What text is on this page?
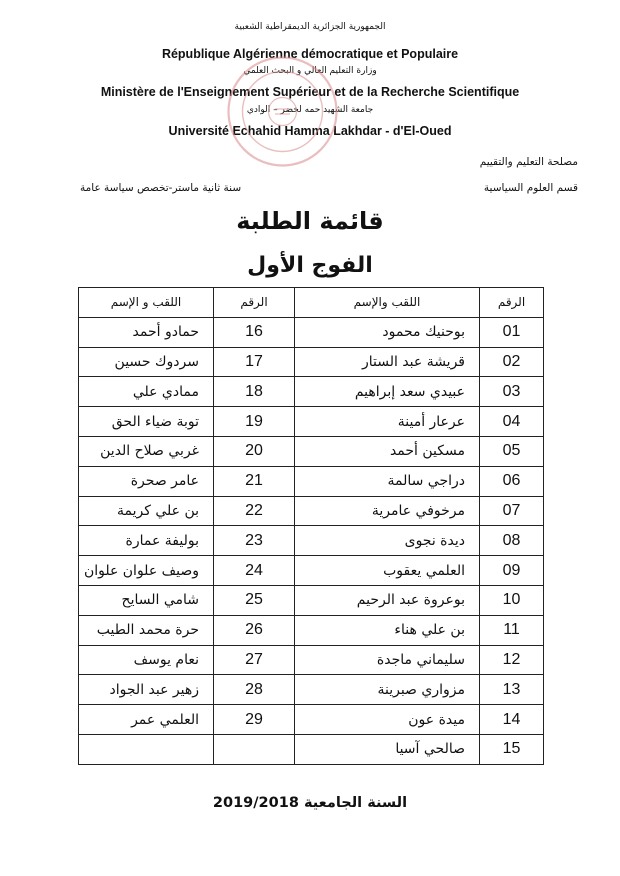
الجمهورية الجزائرية الديمقراطية الشعبية
République Algérienne démocratique et Populaire
وزارة التعليم العالي و البحث العلمي
Ministère de l'Enseignement Supérieur et de la Recherche Scientifique
جامعة الشهيد حمه لخضر – الوادي
Université Echahid Hamma Lakhdar - d'El-Oued
مصلحة التعليم والتقييم
قسم العلوم السياسية
سنة ثانية ماستر-تخصص سياسة عامة
قائمة الطلبة
الفوج الأول
الرقم	اللقب والإسم	الرقم	اللقب و الإسم
01	بوحنيك محمود	16	حمادو أحمد
02	قريشة عبد الستار	17	سردوك حسين
03	عبيدي سعد إبراهيم	18	ممادي علي
04	عرعار أمينة	19	توبة ضياء الحق
05	مسكين أحمد	20	غربي صلاح الدين
06	دراجي سالمة	21	عامر صحرة
07	مرخوفي عامرية	22	بن علي كريمة
08	ديدة نجوى	23	بوليفة عمارة
09	العلمي يعقوب	24	وصيف علوان علوان
10	بوعروة عبد الرحيم	25	شامي السايح
11	بن علي هناء	26	حرة محمد الطيب
12	سليماني ماجدة	27	نعام يوسف
13	مزواري صبرينة	28	زهير عبد الجواد
14	ميدة عون	29	العلمي عمر
15	صالحي آسيا		
السنة الجامعية 2019/2018
